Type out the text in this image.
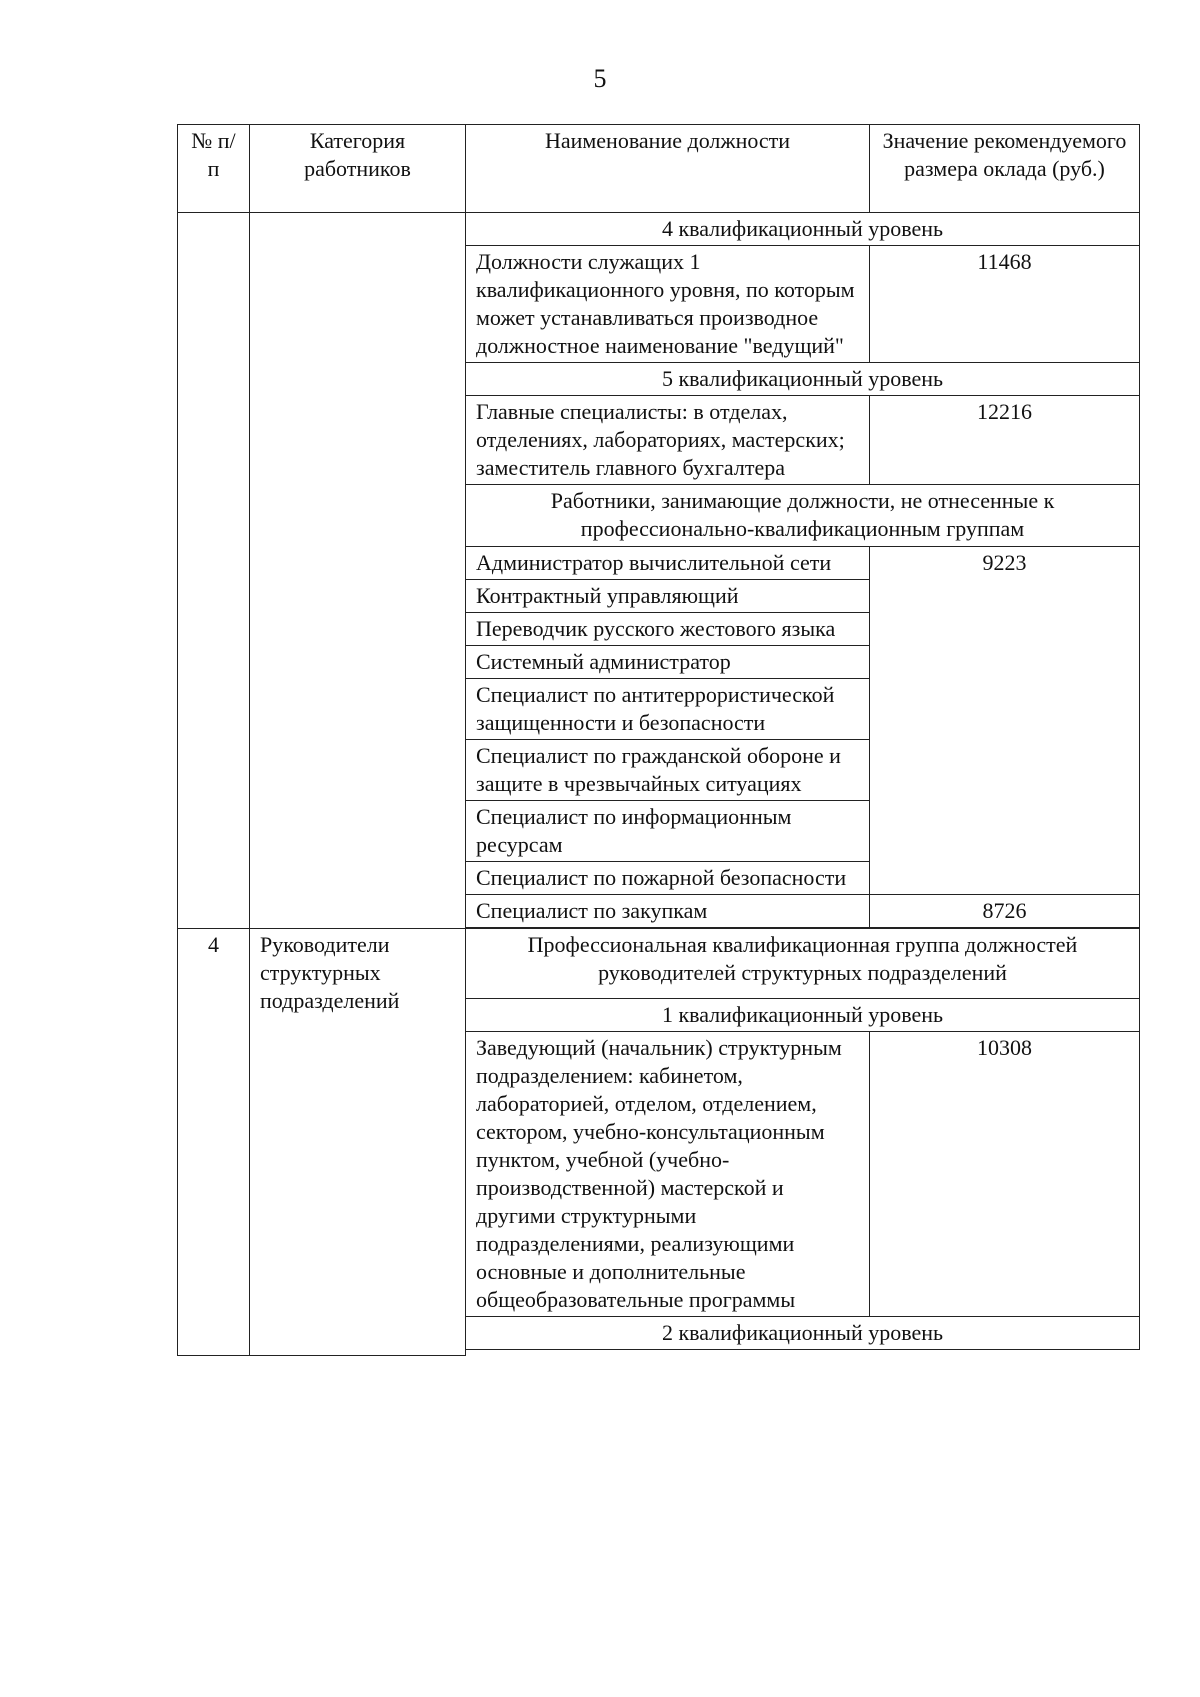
5
№ п/п	Категория работников	Наименование должности	Значение рекомендуемого размера оклада (руб.)
		4 квалификационный уровень	
		Должности служащих 1 квалификационного уровня, по которым может устанавливаться производное должностное наименование "ведущий"	11468
		5 квалификационный уровень	
		Главные специалисты: в отделах, отделениях, лабораториях, мастерских; заместитель главного бухгалтера	12216
		Работники, занимающие должности, не отнесенные к профессионально-квалификационным группам	
		Администратор вычислительной сети	9223
		Контрактный управляющий	
		Переводчик русского жестового языка	
		Системный администратор	
		Специалист по антитеррористической защищенности и безопасности	
		Специалист по гражданской обороне и защите в чрезвычайных ситуациях	
		Специалист по информационным ресурсам	
		Специалист по пожарной безопасности	
		Специалист по закупкам	8726

4	Руководители структурных подразделений	Профессиональная квалификационная группа должностей руководителей структурных подразделений	
		1 квалификационный уровень	
		Заведующий (начальник) структурным подразделением: кабинетом, лабораторией, отделом, отделением, сектором, учебно-консультационным пунктом, учебной (учебно-производственной) мастерской и другими структурными подразделениями, реализующими основные и дополнительные общеобразовательные программы	10308
		2 квалификационный уровень	
